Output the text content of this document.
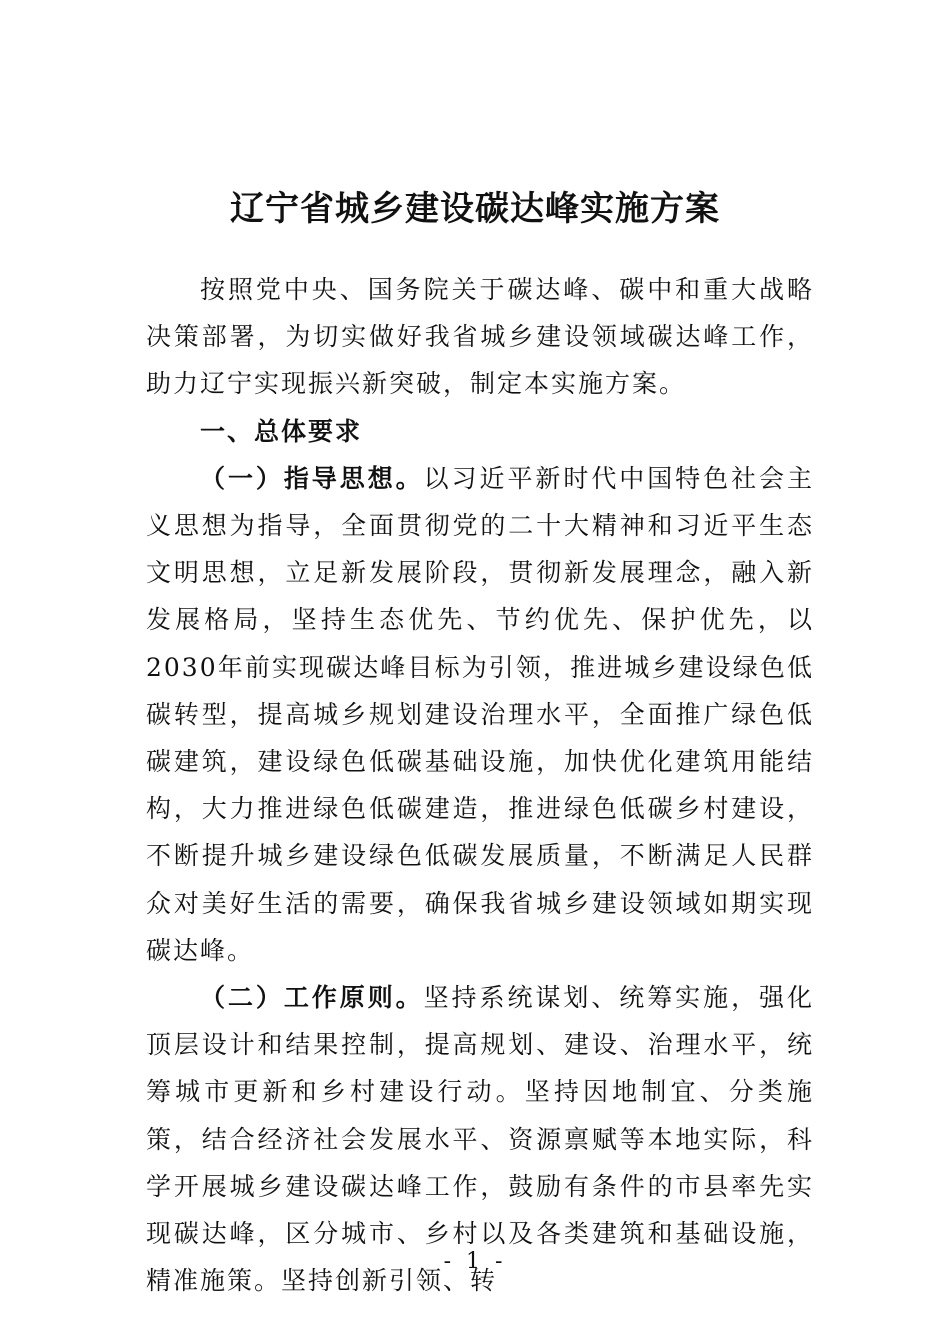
辽宁省城乡建设碳达峰实施方案

按照党中央、国务院关于碳达峰、碳中和重大战略决策部署，为切实做好我省城乡建设领域碳达峰工作，助力辽宁实现振兴新突破，制定本实施方案。

一、总体要求

（一）指导思想。以习近平新时代中国特色社会主义思想为指导，全面贯彻党的二十大精神和习近平生态文明思想，立足新发展阶段，贯彻新发展理念，融入新发展格局，坚持生态优先、节约优先、保护优先，以2030年前实现碳达峰目标为引领，推进城乡建设绿色低碳转型，提高城乡规划建设治理水平，全面推广绿色低碳建筑，建设绿色低碳基础设施，加快优化建筑用能结构，大力推进绿色低碳建造，推进绿色低碳乡村建设，不断提升城乡建设绿色低碳发展质量，不断满足人民群众对美好生活的需要，确保我省城乡建设领域如期实现碳达峰。

（二）工作原则。坚持系统谋划、统筹实施，强化顶层设计和结果控制，提高规划、建设、治理水平，统筹城市更新和乡村建设行动。坚持因地制宜、分类施策，结合经济社会发展水平、资源禀赋等本地实际，科学开展城乡建设碳达峰工作，鼓励有条件的市县率先实现碳达峰，区分城市、乡村以及各类建筑和基础设施，精准施策。坚持创新引领、转

- 1 -
